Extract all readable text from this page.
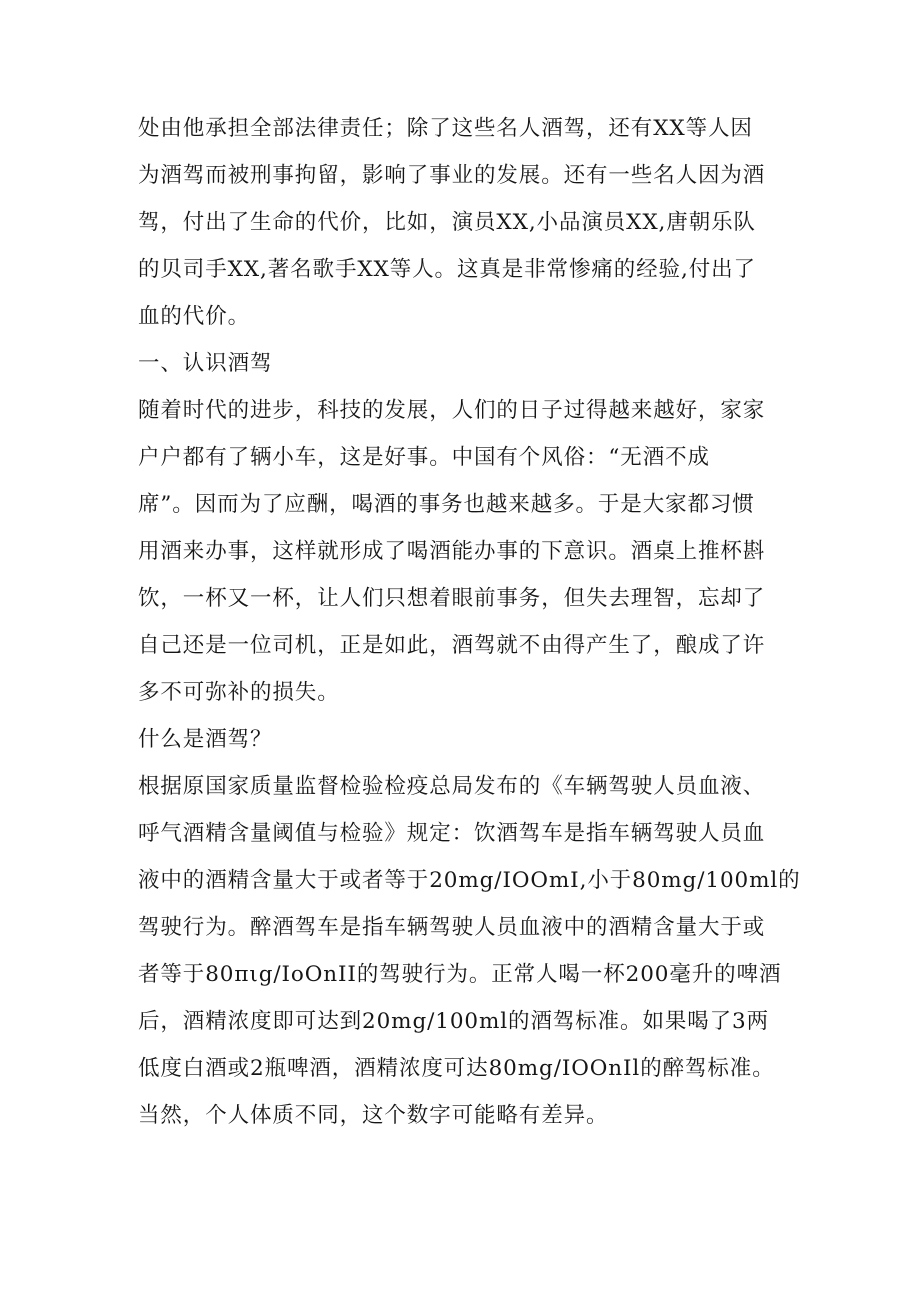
处由他承担全部法律责任；除了这些名人酒驾，还有XX等人因
为酒驾而被刑事拘留，影响了事业的发展。还有一些名人因为酒
驾，付出了生命的代价，比如，演员XX,小品演员XX,唐朝乐队
的贝司手XX,著名歌手XX等人。这真是非常惨痛的经验,付出了
血的代价。
一、认识酒驾
随着时代的进步，科技的发展，人们的日子过得越来越好，家家
户户都有了辆小车，这是好事。中国有个风俗：“无酒不成
席”。因而为了应酬，喝酒的事务也越来越多。于是大家都习惯
用酒来办事，这样就形成了喝酒能办事的下意识。酒桌上推杯斟
饮，一杯又一杯，让人们只想着眼前事务，但失去理智，忘却了
自己还是一位司机，正是如此，酒驾就不由得产生了，酿成了许
多不可弥补的损失。
什么是酒驾？
根据原国家质量监督检验检疫总局发布的《车辆驾驶人员血液、
呼气酒精含量阈值与检验》规定：饮酒驾车是指车辆驾驶人员血
液中的酒精含量大于或者等于20mg∕IOOmI,小于80mg∕100ml的
驾驶行为。醉酒驾车是指车辆驾驶人员血液中的酒精含量大于或
者等于80πιg∕IoOnII的驾驶行为。正常人喝一杯200毫升的啤酒
后，酒精浓度即可达到20mg∕100ml的酒驾标准。如果喝了3两
低度白酒或2瓶啤酒，酒精浓度可达80mg∕IOOnIl的醉驾标准。
当然，个人体质不同，这个数字可能略有差异。
